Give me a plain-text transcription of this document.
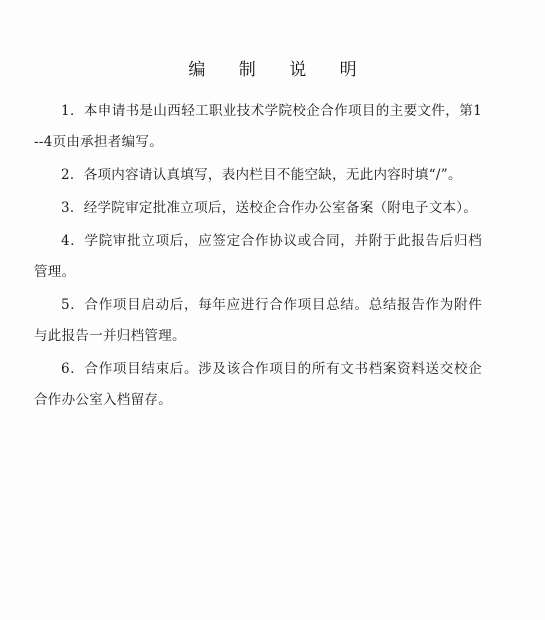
编 制 说 明
1．本申请书是山西轻工职业技术学院校企合作项目的主要文件，第1--4页由承担者编写。
2．各项内容请认真填写，表内栏目不能空缺，无此内容时填“/”。
3．经学院审定批准立项后，送校企合作办公室备案（附电子文本）。
4．学院审批立项后，应签定合作协议或合同，并附于此报告后归档管理。
5．合作项目启动后，每年应进行合作项目总结。总结报告作为附件与此报告一并归档管理。
6．合作项目结束后。涉及该合作项目的所有文书档案资料送交校企合作办公室入档留存。
